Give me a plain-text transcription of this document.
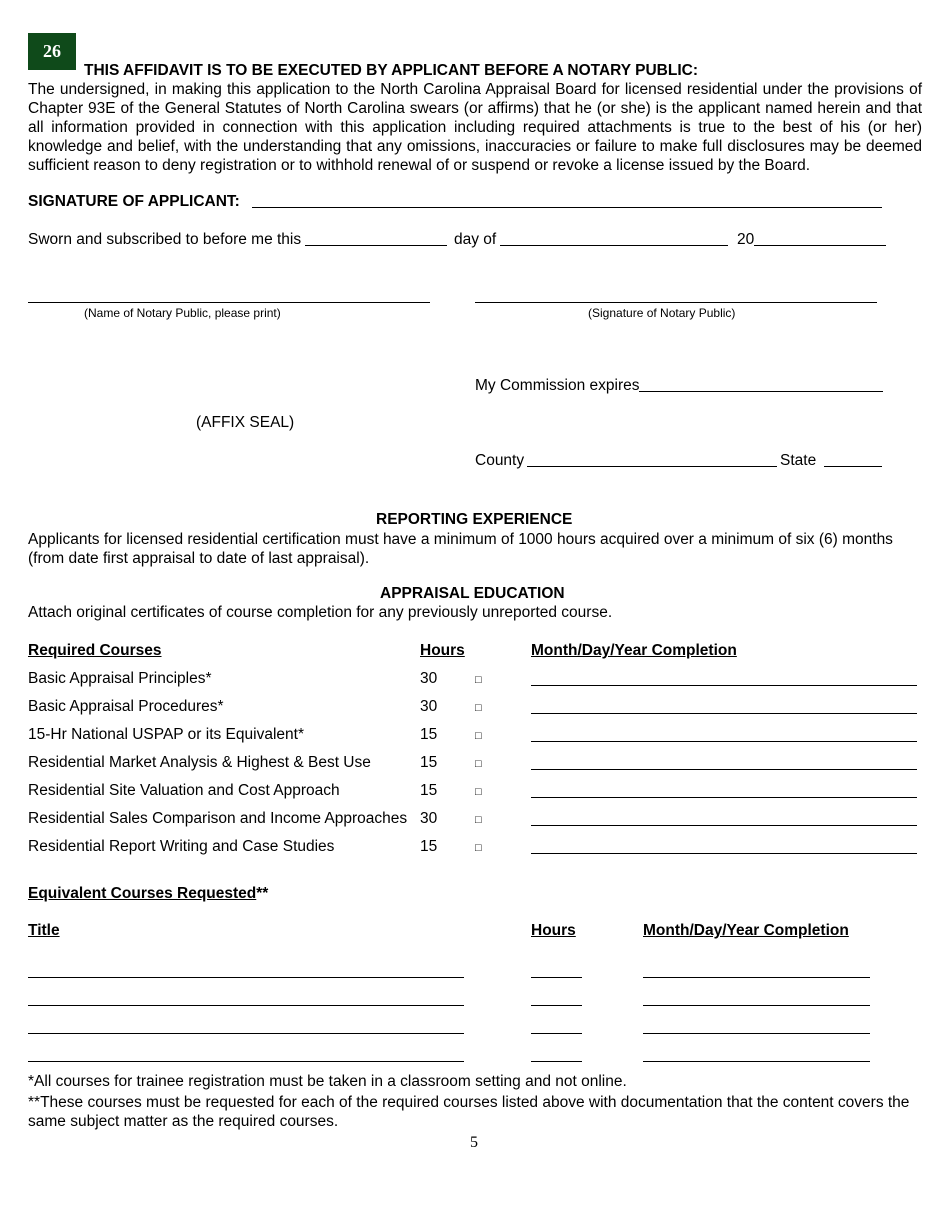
26
THIS AFFIDAVIT IS TO BE EXECUTED BY APPLICANT BEFORE A NOTARY PUBLIC:
The undersigned, in making this application to the North Carolina Appraisal Board for licensed residential under the provisions of
Chapter 93E of the General Statutes of North Carolina swears (or affirms) that he (or she) is the applicant named herein and that
all information provided in connection with this application including required attachments is true to the best of his (or her)
knowledge and belief, with the understanding that any omissions, inaccuracies or failure to make full disclosures may be deemed
sufficient reason to deny registration or to withhold renewal of or suspend or revoke a license issued by the Board.
SIGNATURE OF APPLICANT:
Sworn and subscribed to before me this	day of	20
(Name of Notary Public, please print)	(Signature of Notary Public)
My Commission expires
(AFFIX SEAL)
County	State
REPORTING EXPERIENCE
Applicants for licensed residential certification must have a minimum of 1000 hours acquired over a minimum of six (6) months
(from date first appraisal to date of last appraisal).
APPRAISAL EDUCATION
Attach original certificates of course completion for any previously unreported course.
Required Courses	Hours	Month/Day/Year Completion
Basic Appraisal Principles*	30	□
Basic Appraisal Procedures*	30	□
15-Hr National USPAP or its Equivalent*	15	□
Residential Market Analysis & Highest & Best Use	15	□
Residential Site Valuation and Cost Approach	15	□
Residential Sales Comparison and Income Approaches 30	□
Residential Report Writing and Case Studies	15	□
Equivalent Courses Requested**
Title	Hours	Month/Day/Year Completion
*All courses for trainee registration must be taken in a classroom setting and not online.
**These courses must be requested for each of the required courses listed above with documentation that the content covers the
same subject matter as the required courses.
5
